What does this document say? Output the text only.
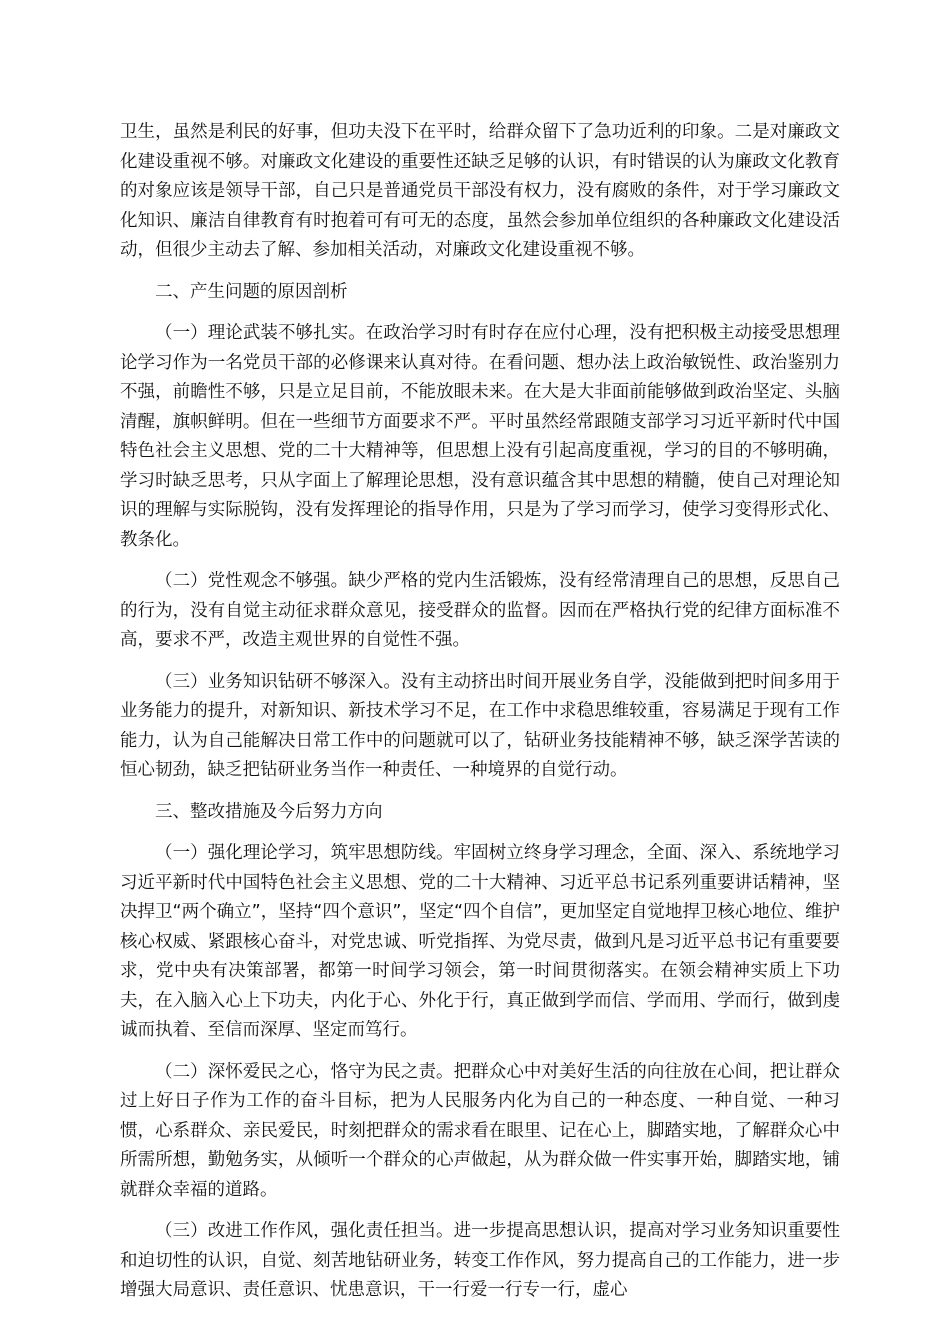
卫生，虽然是利民的好事，但功夫没下在平时，给群众留下了急功近利的印象。二是对廉政文化建设重视不够。对廉政文化建设的重要性还缺乏足够的认识，有时错误的认为廉政文化教育的对象应该是领导干部，自己只是普通党员干部没有权力，没有腐败的条件，对于学习廉政文化知识、廉洁自律教育有时抱着可有可无的态度，虽然会参加单位组织的各种廉政文化建设活动，但很少主动去了解、参加相关活动，对廉政文化建设重视不够。

二、产生问题的原因剖析

（一）理论武装不够扎实。在政治学习时有时存在应付心理，没有把积极主动接受思想理论学习作为一名党员干部的必修课来认真对待。在看问题、想办法上政治敏锐性、政治鉴别力不强，前瞻性不够，只是立足目前，不能放眼未来。在大是大非面前能够做到政治坚定、头脑清醒，旗帜鲜明。但在一些细节方面要求不严。平时虽然经常跟随支部学习习近平新时代中国特色社会主义思想、党的二十大精神等，但思想上没有引起高度重视，学习的目的不够明确，学习时缺乏思考，只从字面上了解理论思想，没有意识蕴含其中思想的精髓，使自己对理论知识的理解与实际脱钩，没有发挥理论的指导作用，只是为了学习而学习，使学习变得形式化、教条化。

（二）党性观念不够强。缺少严格的党内生活锻炼，没有经常清理自己的思想，反思自己的行为，没有自觉主动征求群众意见，接受群众的监督。因而在严格执行党的纪律方面标准不高，要求不严，改造主观世界的自觉性不强。

（三）业务知识钻研不够深入。没有主动挤出时间开展业务自学，没能做到把时间多用于业务能力的提升，对新知识、新技术学习不足，在工作中求稳思维较重，容易满足于现有工作能力，认为自己能解决日常工作中的问题就可以了，钻研业务技能精神不够，缺乏深学苦读的恒心韧劲，缺乏把钻研业务当作一种责任、一种境界的自觉行动。

三、整改措施及今后努力方向

（一）强化理论学习，筑牢思想防线。牢固树立终身学习理念，全面、深入、系统地学习习近平新时代中国特色社会主义思想、党的二十大精神、习近平总书记系列重要讲话精神，坚决捍卫“两个确立”，坚持“四个意识”，坚定“四个自信”，更加坚定自觉地捍卫核心地位、维护核心权威、紧跟核心奋斗，对党忠诚、听党指挥、为党尽责，做到凡是习近平总书记有重要要求，党中央有决策部署，都第一时间学习领会，第一时间贯彻落实。在领会精神实质上下功夫，在入脑入心上下功夫，内化于心、外化于行，真正做到学而信、学而用、学而行，做到虔诚而执着、至信而深厚、坚定而笃行。

（二）深怀爱民之心，恪守为民之责。把群众心中对美好生活的向往放在心间，把让群众过上好日子作为工作的奋斗目标，把为人民服务内化为自己的一种态度、一种自觉、一种习惯，心系群众、亲民爱民，时刻把群众的需求看在眼里、记在心上，脚踏实地，了解群众心中所需所想，勤勉务实，从倾听一个群众的心声做起，从为群众做一件实事开始，脚踏实地，铺就群众幸福的道路。

（三）改进工作作风，强化责任担当。进一步提高思想认识，提高对学习业务知识重要性和迫切性的认识，自觉、刻苦地钻研业务，转变工作作风，努力提高自己的工作能力，进一步增强大局意识、责任意识、忧患意识，干一行爱一行专一行，虚心
